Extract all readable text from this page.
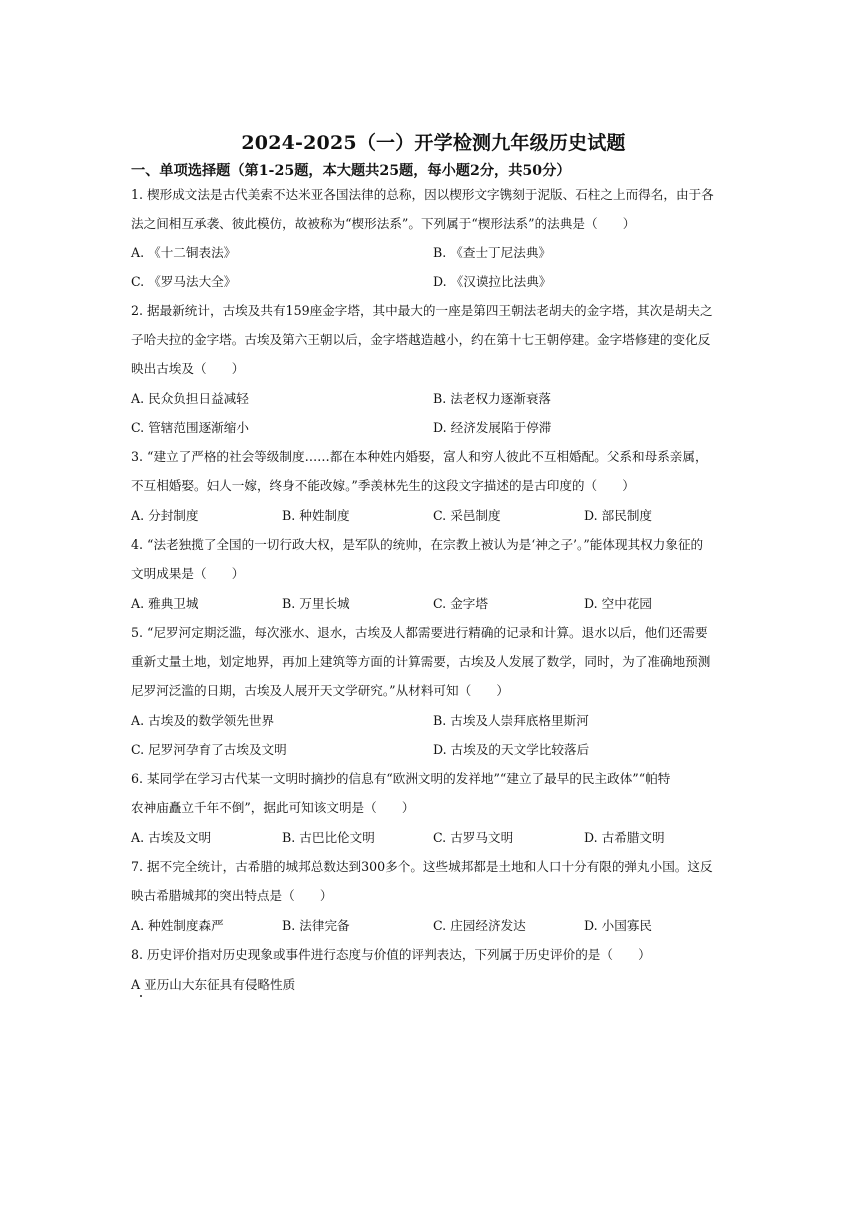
2024-2025（一）开学检测九年级历史试题
一、单项选择题（第1-25题，本大题共25题，每小题2分，共50分）
1. 楔形成文法是古代美索不达米亚各国法律的总称，因以楔形文字镌刻于泥版、石柱之上而得名，由于各
法之间相互承袭、彼此模仿，故被称为“楔形法系”。下列属于“楔形法系”的法典是（　　）
A. 《十二铜表法》	B. 《查士丁尼法典》
C. 《罗马法大全》	D. 《汉谟拉比法典》
2. 据最新统计，古埃及共有159座金字塔，其中最大的一座是第四王朝法老胡夫的金字塔，其次是胡夫之
子哈夫拉的金字塔。古埃及第六王朝以后，金字塔越造越小，约在第十七王朝停建。金字塔修建的变化反
映出古埃及（　　）
A. 民众负担日益减轻	B. 法老权力逐渐衰落
C. 管辖范围逐渐缩小	D. 经济发展陷于停滞
3. “建立了严格的社会等级制度……都在本种姓内婚娶，富人和穷人彼此不互相婚配。父系和母系亲属，
不互相婚娶。妇人一嫁，终身不能改嫁。”季羡林先生的这段文字描述的是古印度的（　　）
A. 分封制度	B. 种姓制度	C. 采邑制度	D. 部民制度
4. “法老独揽了全国的一切行政大权，是军队的统帅，在宗教上被认为是‘神之子’。”能体现其权力象征的
文明成果是（　　）
A. 雅典卫城	B. 万里长城	C. 金字塔	D. 空中花园
5. “尼罗河定期泛滥，每次涨水、退水，古埃及人都需要进行精确的记录和计算。退水以后，他们还需要
重新丈量土地，划定地界，再加上建筑等方面的计算需要，古埃及人发展了数学，同时，为了准确地预测
尼罗河泛滥的日期，古埃及人展开天文学研究。”从材料可知（　　）
A. 古埃及的数学领先世界	B. 古埃及人崇拜底格里斯河
C. 尼罗河孕育了古埃及文明	D. 古埃及的天文学比较落后
6. 某同学在学习古代某一文明时摘抄的信息有“欧洲文明的发祥地”“建立了最早的民主政体”“帕特
农神庙矗立千年不倒”，据此可知该文明是（　　）
A. 古埃及文明	B. 古巴比伦文明	C. 古罗马文明	D. 古希腊文明
7. 据不完全统计，古希腊的城邦总数达到300多个。这些城邦都是土地和人口十分有限的弹丸小国。这反
映古希腊城邦的突出特点是（　　）
A. 种姓制度森严	B. 法律完备	C. 庄园经济发达	D. 小国寡民
8. 历史评价指对历史现象或事件进行态度与价值的评判表达，下列属于历史评价的是（　　）
A 亚历山大东征具有侵略性质
